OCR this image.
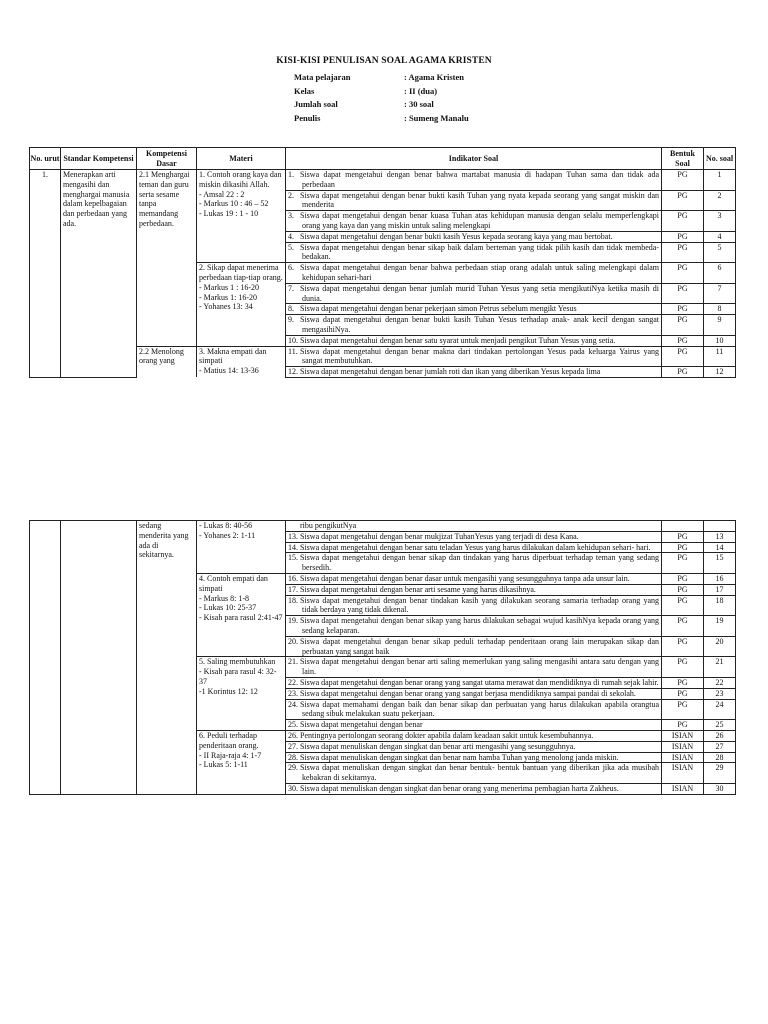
KISI-KISI PENULISAN SOAL AGAMA KRISTEN
Mata pelajaran	: Agama Kristen
Kelas	: II (dua)
Jumlah soal	: 30 soal
Penulis	: Sumeng Manalu
No. urut	Standar Kompetensi	Kompetensi Dasar	Materi	Indikator Soal	Bentuk Soal	No. soal
1.	Menerapkan arti mengasihi dan menghargai manusia dalam kepelbagaian dan perbedaan yang ada.	2.1 Menghargai teman dan guru serta sesame tanpa memandang perbedaan.	1. Contoh orang kaya dan miskin dikasihi Allah.
- Amsal 22 : 2
- Markus 10 : 46 – 52
- Lukas 19 : 1 - 10	1. Siswa dapat mengetahui dengan benar bahwa martabat manusia di hadapan Tuhan sama dan tidak ada perbedaan	PG	1

				2. Siswa dapat mengetahui dengan benar bukti kasih Tuhan yang nyata kepada seorang yang sangat miskin dan menderita	PG	2

				3. Siswa dapat mengetahui dengan benar kuasa Tuhan atas kehidupan manusia dengan selalu memperlengkapi orang yang kaya dan yang miskin untuk saling melengkapi	PG	3

				4. Siswa dapat mengetahui dengan benar bukti kasih Yesus kepada seorang kaya yang mau bertobat.	PG	4

				5. Siswa dapat mengetahui dengan benar sikap baik dalam berteman yang tidak pilih kasih dan tidak membeda- bedakan.	PG	5
			2. Sikap dapat menerima perbedaan tiap-tiap orang.
- Markus 1 : 16-20
- Markus 1: 16-20
- Yohanes 13: 34	6. Siswa dapat mengetahui dengan benar bahwa perbedaan stiap orang adalah untuk saling melengkapi dalam kehidupan sehari-hari	PG	6

				7. Siswa dapat mengetahui dengan benar jumlah murid Tuhan Yesus yang setia mengikutiNya ketika masih di dunia.	PG	7

				8. Siswa dapat mengetahui dengan benar pekerjaan simon Petrus sebelum mengikt Yesus	PG	8

				9. Siswa dapat mengetahui dengan benar bukti kasih Tuhan Yesus terhadap anak- anak kecil dengan sangat mengasihiNya.	PG	9

				10. Siswa dapat mengetahui dengan benar satu syarat untuk menjadi pengikut Tuhan Yesus yang setia.	PG	10
		2.2 Menolong orang yang	3. Makna empati dan simpati
- Matius 14: 13-36	11. Siswa dapat mengetahui dengan benar makna dari tindakan pertolongan Yesus pada keluarga Yairus yang sangat membutuhkan.	PG	11

				12. Siswa dapat mengetahui dengan benar jumlah roti dan ikan yang diberikan Yesus kepada lima	PG	12
		sedang menderita yang ada di sekitarnya.	- Lukas 8: 40-56
- Yohanes 2: 1-11	ribu pengikutNya		

				13. Siswa dapat mengetahui dengan benar mukjizat TuhanYesus yang terjadi di desa Kana.	PG	13

				14. Siswa dapat mengetahui dengan benar satu teladan Yesus yang harus dilakukan dalam kehidupan sehari- hari.	PG	14

				15. Siswa dapat mengetahui dengan benar sikap dan tindakan yang harus diperbuat terhadap teman yang sedang bersedih.	PG	15
			4. Contoh empati dan simpati
- Markus 8: 1-8
- Lukas 10: 25-37
- Kisah para rasul 2:41-47	16. Siswa dapat mengetahui dengan benar dasar untuk mengasihi yang sesungguhnya tanpa ada unsur lain.	PG	16

				17. Siswa dapat mengetahui dengan benar arti sesame yang harus dikasihnya.	PG	17

				18. Siswa dapat mengetahui dengan benar tindakan kasih yang dilakukan seorang samaria terhadap orang yang tidak berdaya yang tidak dikenal.	PG	18

				19. Siswa dapat mengetahui dengan benar sikap yang harus dilakukan sebagai wujud kasihNya kepada orang yang sedang kelaparan.	PG	19

				20. Siswa dapat mengetahui dengan benar sikap peduli terhadap penderitaan orang lain merupakan sikap dan perbuatan yang sangat baik	PG	20
			5. Saling membutuhkan
- Kisah para rasul 4: 32-37
-1 Korintus 12: 12	21. Siswa dapat mengetahui dengan benar arti saling memerlukan yang saling mengasihi antara satu dengan yang lain.	PG	21

				22. Siswa dapat mengetahui dengan benar orang yang sangat utama merawat dan mendidiknya di rumah sejak lahir.	PG	22

				23. Siswa dapat mengetahui dengan benar orang yang sangat berjasa mendidiknya sampai pandai di sekolah.	PG	23

				24. Siswa dapat memahami dengan baik dan benar sikap dan perbuatan yang harus dilakukan apabila orangtua sedang sibuk melakukan suatu pekerjaan.	PG	24

				25. Siswa dapat mengetahui dengan benar	PG	25
			6. Peduli terhadap penderitaan orang.
- II Raja-raja 4: 1-7
- Lukas 5: 1-11	26. Pentingnya pertolongan seorang dokter apabila dalam keadaan sakit untuk kesembuhannya.	ISIAN	26

				27. Siswa dapat menuliskan dengan singkat dan benar arti mengasihi yang sesungguhnya.	ISIAN	27

				28. Siswa dapat menuliskan dengan singkat dan benar nam hamba Tuhan yang menolong janda miskin.	ISIAN	28

				29. Siswa dapat menuliskan dengan singkat dan benar bentuk- bentuk bantuan yang diberikan jika ada musibah kebakran di sekitarnya.	ISIAN	29

				30. Siswa dapat menuliskan dengan singkat dan benar orang yang menerima pembagian harta Zakheus.	ISIAN	30
